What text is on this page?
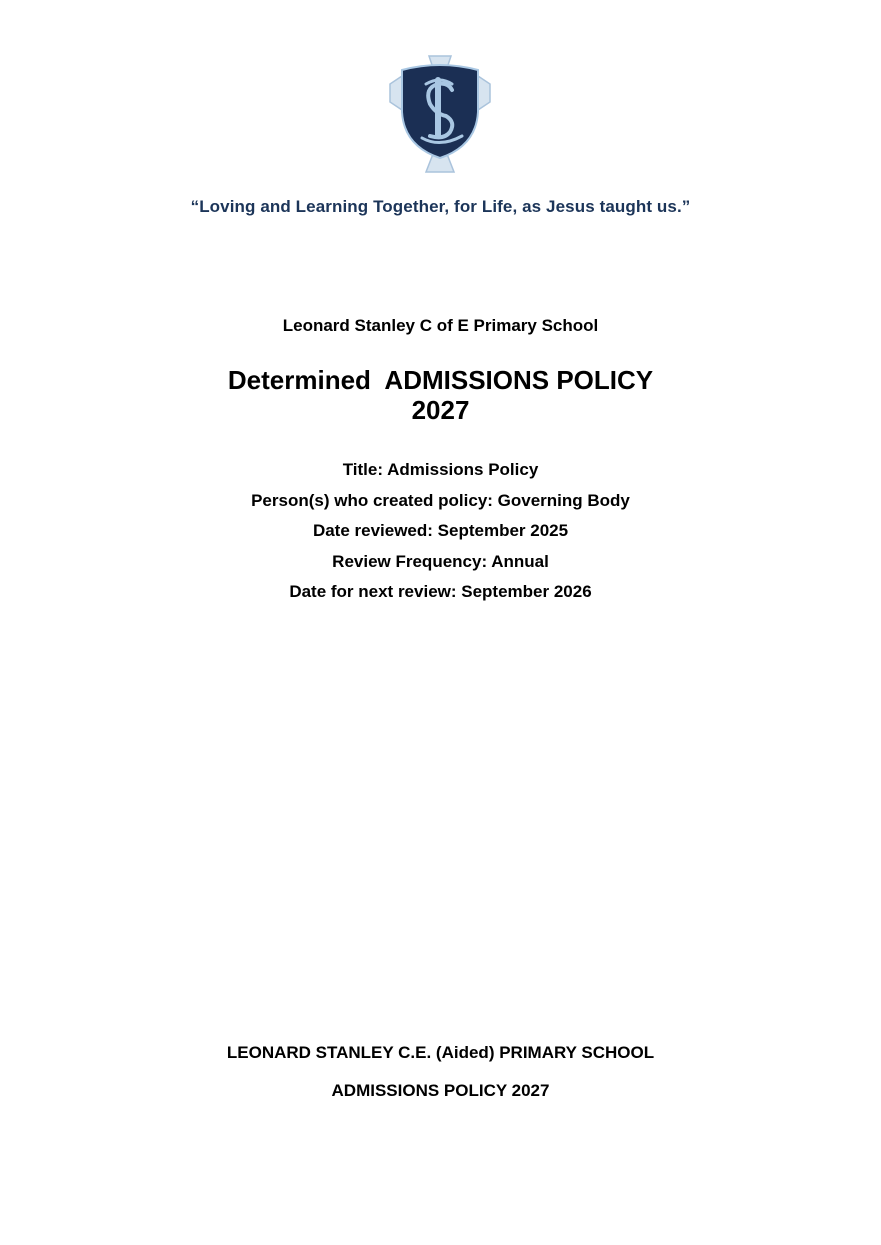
“Loving and Learning Together, for Life, as Jesus taught us.”
Leonard Stanley C of E Primary School
Determined  ADMISSIONS POLICY
2027
Title: Admissions Policy
Person(s) who created policy: Governing Body
Date reviewed: September 2025
Review Frequency: Annual
Date for next review: September 2026
LEONARD STANLEY C.E. (Aided) PRIMARY SCHOOL
ADMISSIONS POLICY 2027
